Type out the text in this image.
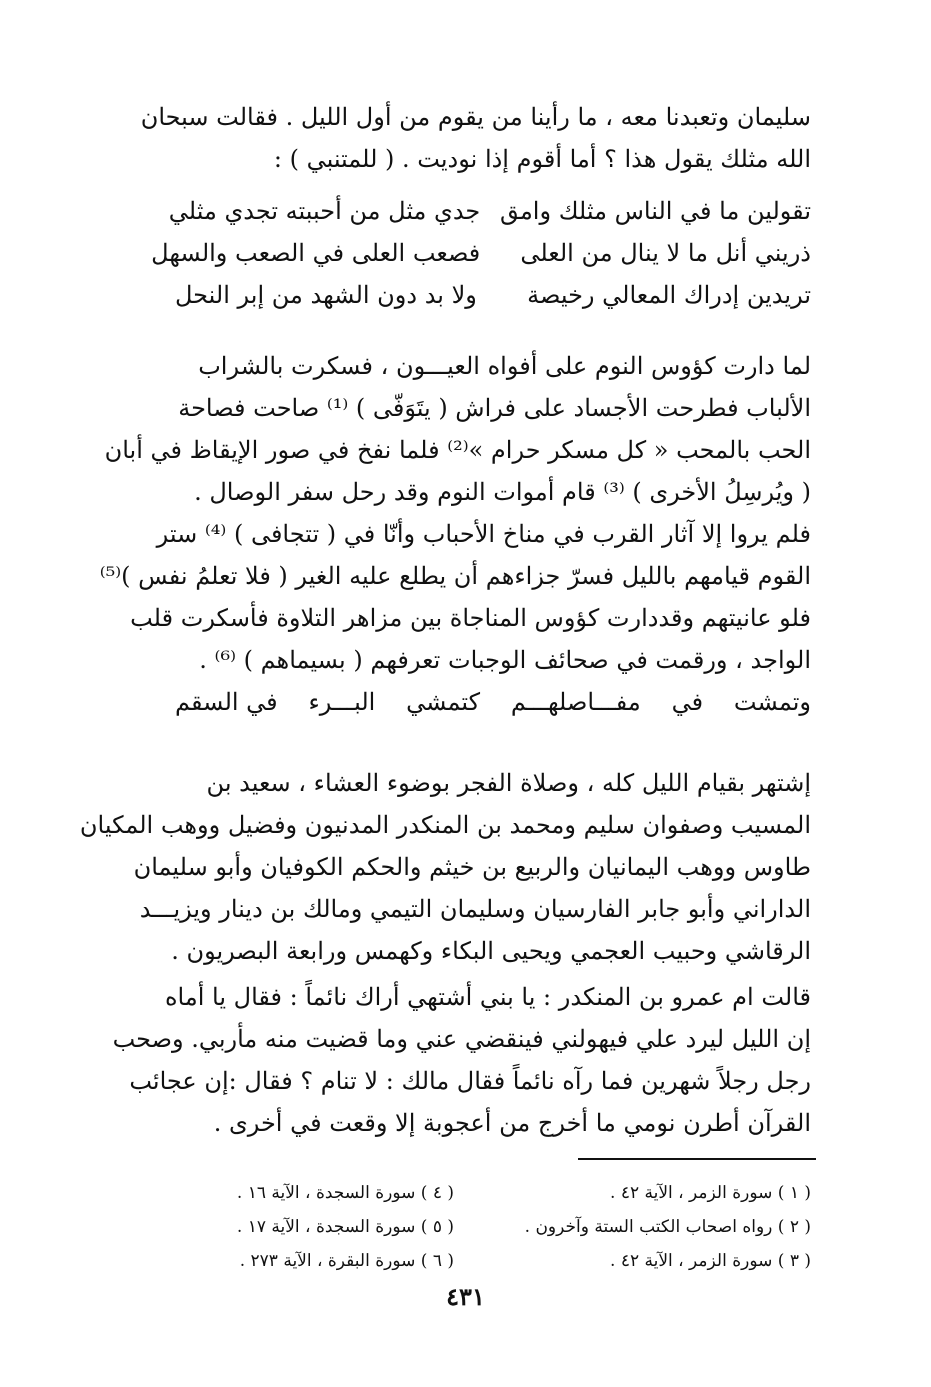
سليمان وتعبدنا معه ، ما رأينا من يقوم من أول الليل . فقالت سبحان
الله مثلك يقول هذا ؟ أما أقوم إذا نوديت . ( للمتنبي ) :
تقولين ما في الناس مثلك وامق
جدي مثل من أحببته تجدي مثلي
ذريني أنل ما لا ينال من العلى
فصعب العلى في الصعب والسهل
تريدين إدراك المعالي رخيصة
ولا بد دون الشهد من إبر النحل
لما دارت كؤوس النوم على أفواه العيـــون ، فسكرت بالشراب
الألباب فطرحت الأجساد على فراش ( يتَوَفّى ) ⁽¹⁾ صاحت فصاحة
الحب بالمحب « كل مسكر حرام »⁽²⁾ فلما نفخ في صور الإيقاظ في أبان
( ويُرسِلُ الأخرى ) ⁽³⁾ قام أموات النوم وقد رحل سفر الوصال .
فلم يروا إلا آثار القرب في مناخ الأحباب وأنّا في ( تتجافى ) ⁽⁴⁾ ستر
القوم قيامهم بالليل فسرّ جزاءهم أن يطلع عليه الغير ( فلا تعلمُ نفس )⁽⁵⁾
فلو عانيتهم وقددارت كؤوس المناجاة بين مزاهر التلاوة فأسكرت قلب
الواجد ، ورقمت في صحائف الوجبات تعرفهم ( بسيماهم ) ⁽⁶⁾ .
وتمشت
في
مفـــاصلهـــم
كتمشي
البـــرء
في السقم
إشتهر بقيام الليل كله ، وصلاة الفجر بوضوء العشاء ، سعيد بن
المسيب وصفوان سليم ومحمد بن المنكدر المدنيون وفضيل ووهب المكيان
طاوس ووهب اليمانيان والربيع بن خيثم والحكم الكوفيان وأبو سليمان
الداراني وأبو جابر الفارسيان وسليمان التيمي ومالك بن دينار ويزيـــد
الرقاشي وحبيب العجمي ويحيى البكاء وكهمس ورابعة البصريون .
قالت ام عمرو بن المنكدر : يا بني أشتهي أراك نائماً : فقال يا أماه
إن الليل ليرد علي فيهولني فينقضي عني وما قضيت منه مأربي. وصحب
رجل رجلاً شهرين فما رآه نائماً فقال مالك : لا تنام ؟ فقال :إن عجائب
القرآن أطرن نومي ما أخرج من أعجوبة إلا وقعت في أخرى .
( ١ ) سورة الزمر ، الآية ٤٢ .
( ٢ ) رواه اصحاب الكتب الستة وآخرون .
( ٣ ) سورة الزمر ، الآية ٤٢ .
( ٤ ) سورة السجدة ، الآية ١٦ .
( ٥ ) سورة السجدة ، الآية ١٧ .
( ٦ ) سورة البقرة ، الآية ٢٧٣ .
٤٣١
